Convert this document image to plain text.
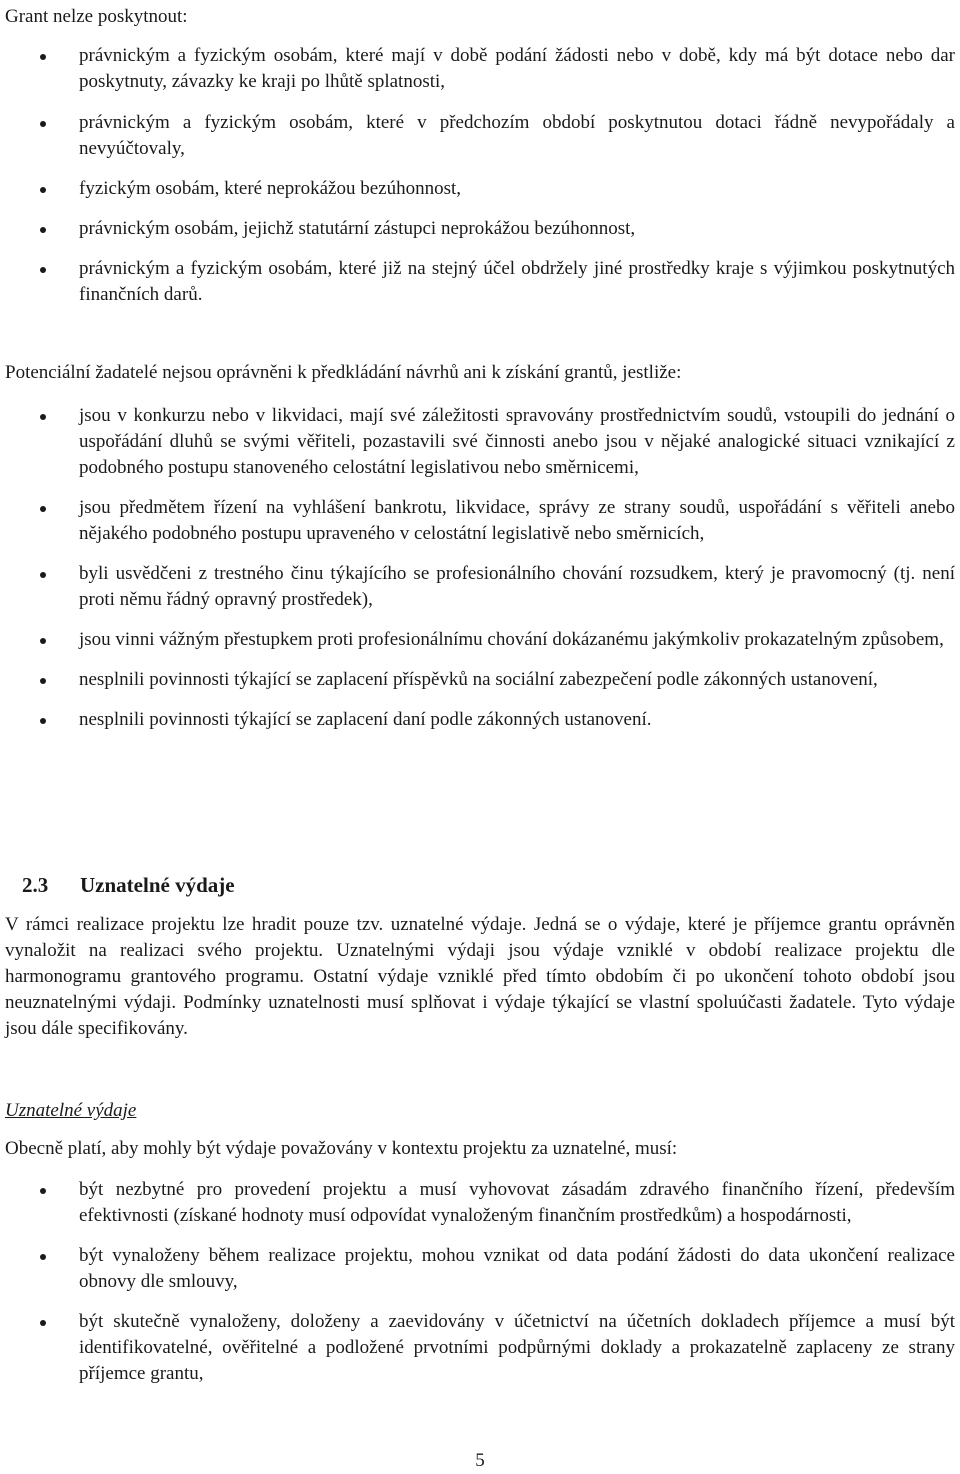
Grant nelze poskytnout:

právnickým a fyzickým osobám, které mají v době podání žádosti nebo v době, kdy má být dotace nebo dar poskytnuty, závazky ke kraji po lhůtě splatnosti,
právnickým a fyzickým osobám, které v předchozím období poskytnutou dotaci řádně nevypořádaly a nevyúčtovaly,
fyzickým osobám, které neprokážou bezúhonnost,
právnickým osobám, jejichž statutární zástupci neprokážou bezúhonnost,
právnickým a fyzickým osobám, které již na stejný účel obdržely jiné prostředky kraje s výjimkou poskytnutých finančních darů.

Potenciální žadatelé nejsou oprávněni k předkládání návrhů ani k získání grantů, jestliže:

jsou v konkurzu nebo v likvidaci, mají své záležitosti spravovány prostřednictvím soudů, vstoupili do jednání o uspořádání dluhů se svými věřiteli, pozastavili své činnosti anebo jsou v nějaké analogické situaci vznikající z podobného postupu stanoveného celostátní legislativou nebo směrnicemi,
jsou předmětem řízení na vyhlášení bankrotu, likvidace, správy ze strany soudů, uspořádání s věřiteli anebo nějakého podobného postupu upraveného v celostátní legislativě nebo směrnicích,
byli usvědčeni z trestného činu týkajícího se profesionálního chování rozsudkem, který je pravomocný (tj. není proti němu řádný opravný prostředek),
jsou vinni vážným přestupkem proti profesionálnímu chování dokázanému jakýmkoliv prokazatelným způsobem,
nesplnili povinnosti týkající se zaplacení příspěvků na sociální zabezpečení podle zákonných ustanovení,
nesplnili povinnosti týkající se zaplacení daní podle zákonných ustanovení.
2.3 Uznatelné výdaje

V rámci realizace projektu lze hradit pouze tzv. uznatelné výdaje. Jedná se o výdaje, které je příjemce grantu oprávněn vynaložit na realizaci svého projektu. Uznatelnými výdaji jsou výdaje vzniklé v období realizace projektu dle harmonogramu grantového programu. Ostatní výdaje vzniklé před tímto obdobím či po ukončení tohoto období jsou neuznatelnými výdaji. Podmínky uznatelnosti musí splňovat i výdaje týkající se vlastní spoluúčasti žadatele. Tyto výdaje jsou dále specifikovány.

Uznatelné výdaje

Obecně platí, aby mohly být výdaje považovány v kontextu projektu za uznatelné, musí:

být nezbytné pro provedení projektu a musí vyhovovat zásadám zdravého finančního řízení, především efektivnosti (získané hodnoty musí odpovídat vynaloženým finančním prostředkům) a hospodárnosti,
být vynaloženy během realizace projektu, mohou vznikat od data podání žádosti do data ukončení realizace obnovy dle smlouvy,
být skutečně vynaloženy, doloženy a zaevidovány v účetnictví na účetních dokladech příjemce a musí být identifikovatelné, ověřitelné a podložené prvotními podpůrnými doklady a prokazatelně zaplaceny ze strany příjemce grantu,
5
